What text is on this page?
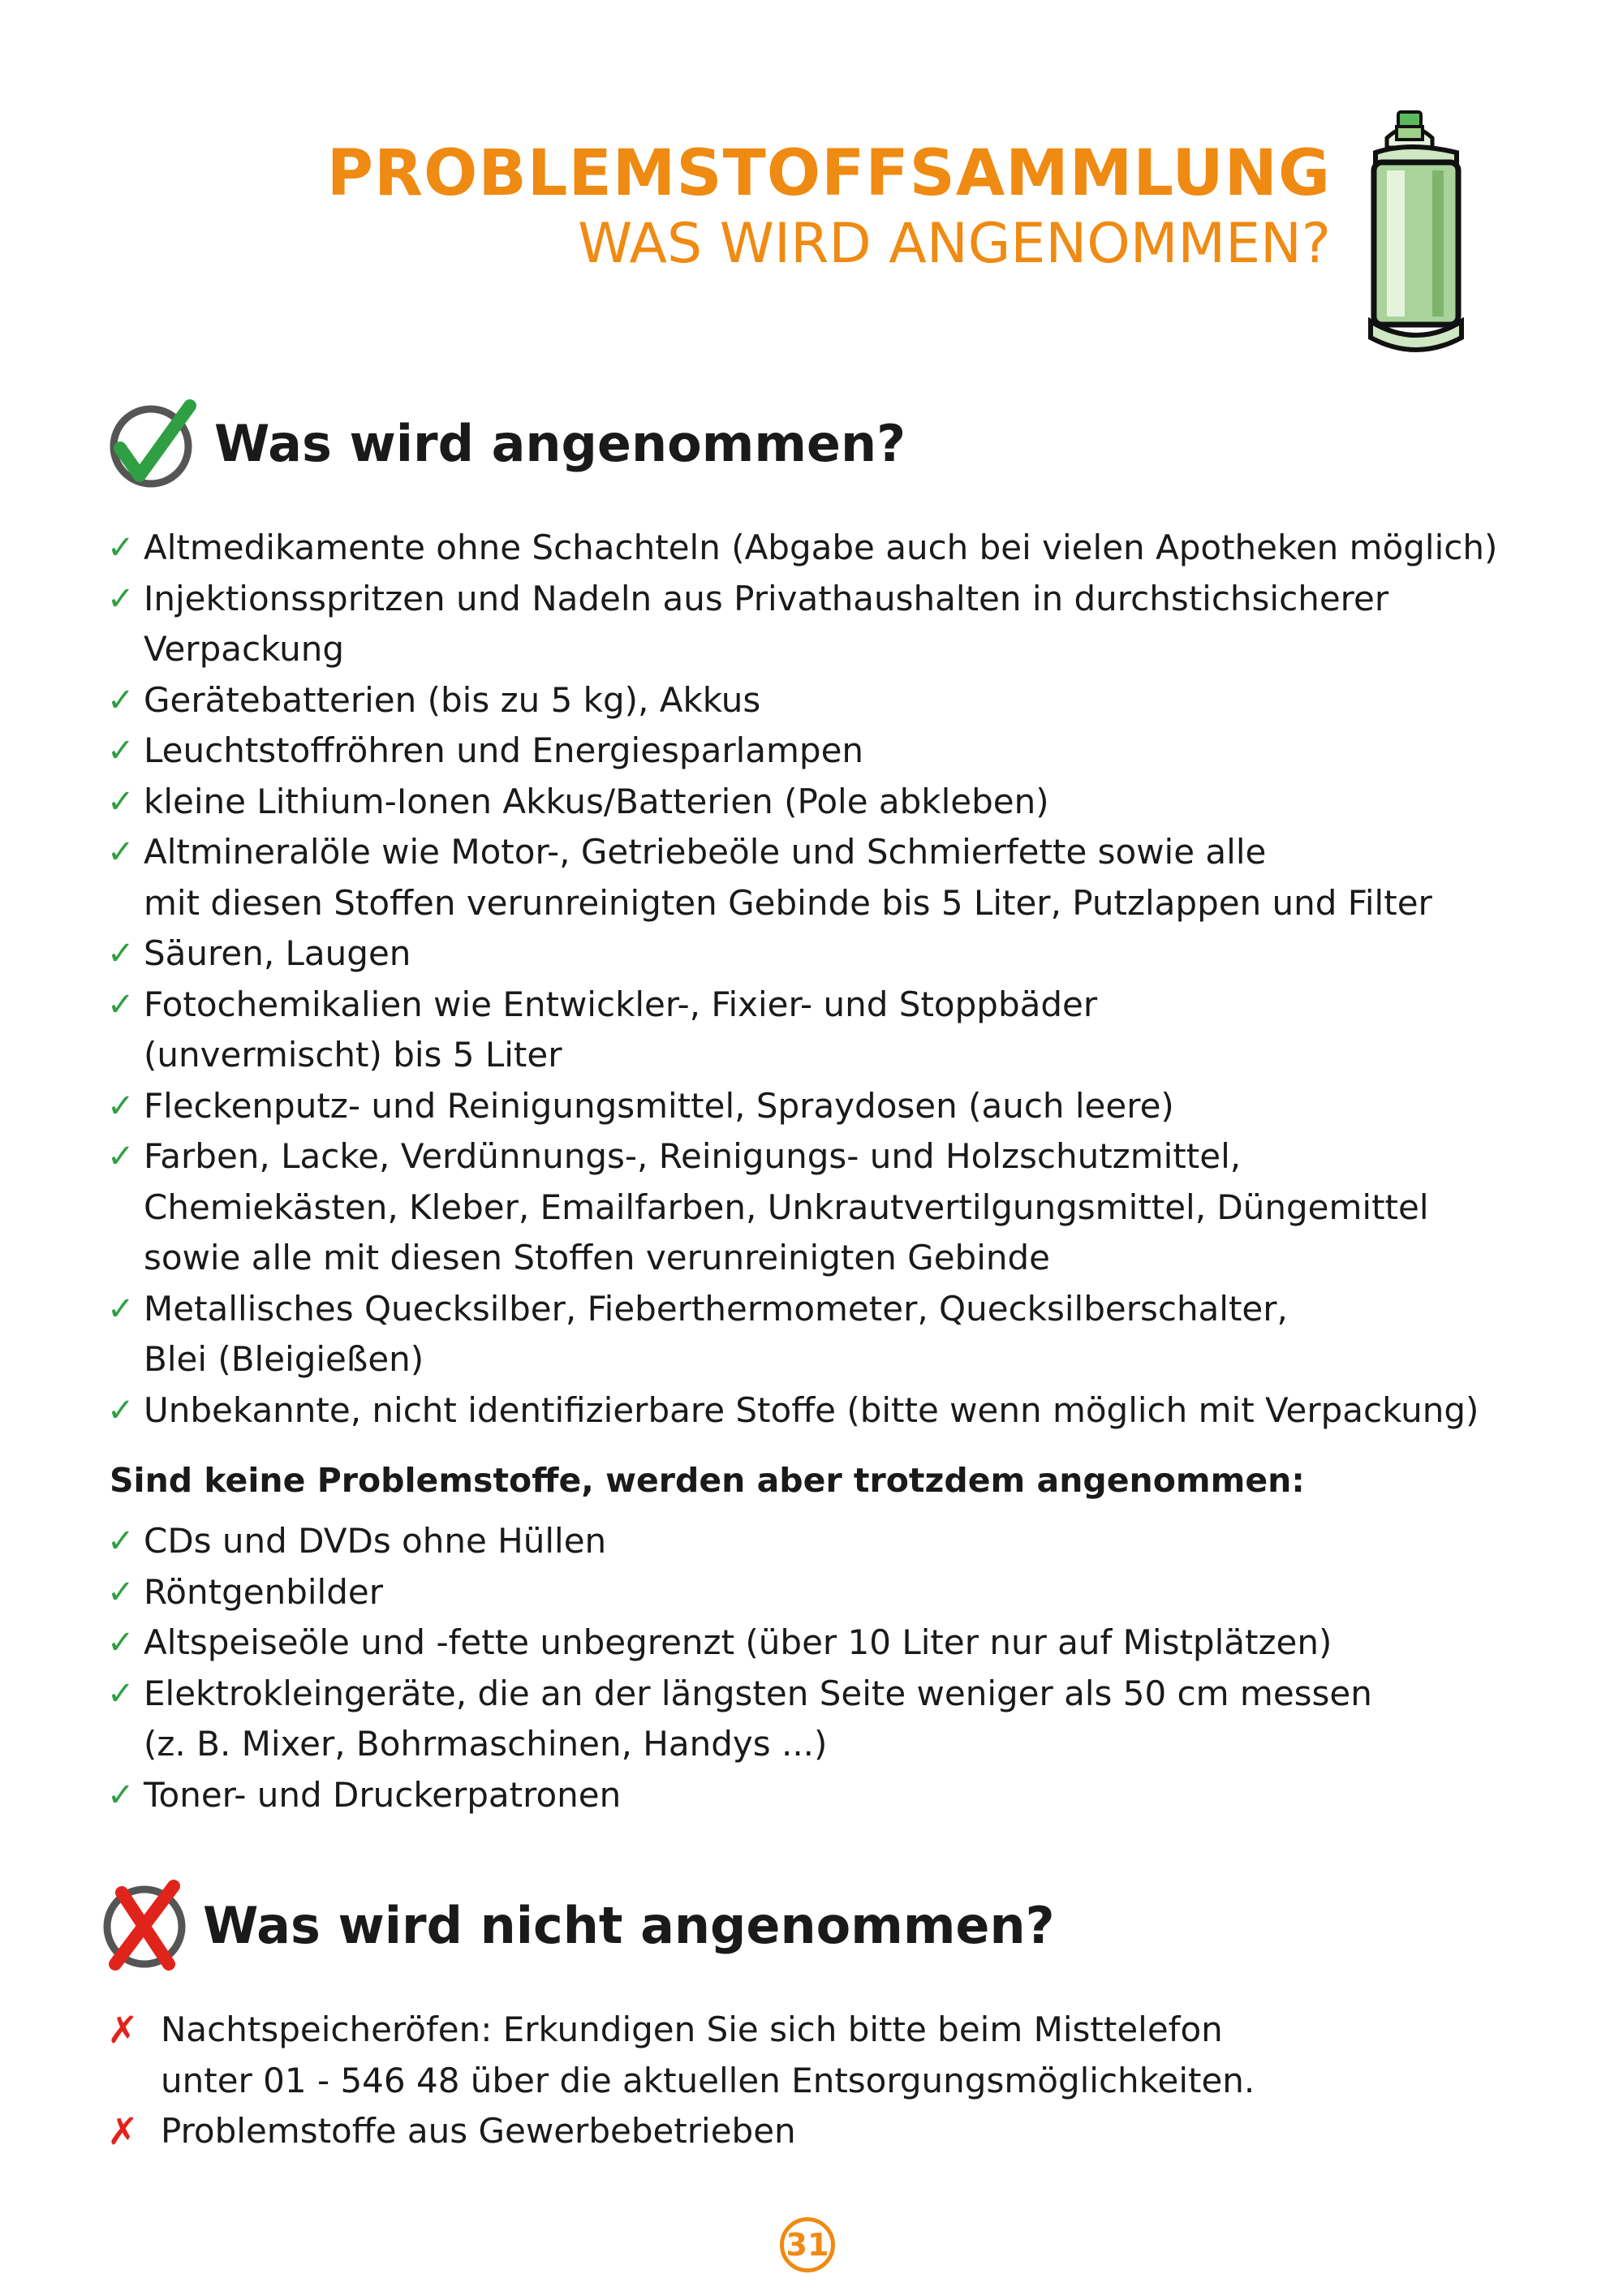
PROBLEMSTOFFSAMMLUNG
WAS WIRD ANGENOMMEN?
Was wird angenommen?
✓ Altmedikamente ohne Schachteln (Abgabe auch bei vielen Apotheken möglich)
✓ Injektionsspritzen und Nadeln aus Privathaushalten in durchstichsicherer
Verpackung
✓ Gerätebatterien (bis zu 5 kg), Akkus
✓ Leuchtstoffröhren und Energiesparlampen
✓ kleine Lithium-Ionen Akkus/Batterien (Pole abkleben)
✓ Altmineralöle wie Motor-, Getriebeöle und Schmierfette sowie alle
mit diesen Stoffen verunreinigten Gebinde bis 5 Liter, Putzlappen und Filter
✓ Säuren, Laugen
✓ Fotochemikalien wie Entwickler-, Fixier- und Stoppbäder
(unvermischt) bis 5 Liter
✓ Fleckenputz- und Reinigungsmittel, Spraydosen (auch leere)
✓ Farben, Lacke, Verdünnungs-, Reinigungs- und Holzschutzmittel,
Chemiekästen, Kleber, Emailfarben, Unkrautvertilgungsmittel, Düngemittel
sowie alle mit diesen Stoffen verunreinigten Gebinde
✓ Metallisches Quecksilber, Fieberthermometer, Quecksilberschalter,
Blei (Bleigießen)
✓ Unbekannte, nicht identifizierbare Stoffe (bitte wenn möglich mit Verpackung)
Sind keine Problemstoffe, werden aber trotzdem angenommen:
✓ CDs und DVDs ohne Hüllen
✓ Röntgenbilder
✓ Altspeiseöle und -fette unbegrenzt (über 10 Liter nur auf Mistplätzen)
✓ Elektrokleingeräte, die an der längsten Seite weniger als 50 cm messen
(z. B. Mixer, Bohrmaschinen, Handys ...)
✓ Toner- und Druckerpatronen
Was wird nicht angenommen?
✗ Nachtspeicheröfen: Erkundigen Sie sich bitte beim Misttelefon
unter 01 - 546 48 über die aktuellen Entsorgungsmöglichkeiten.
✗ Problemstoffe aus Gewerbebetrieben
31
